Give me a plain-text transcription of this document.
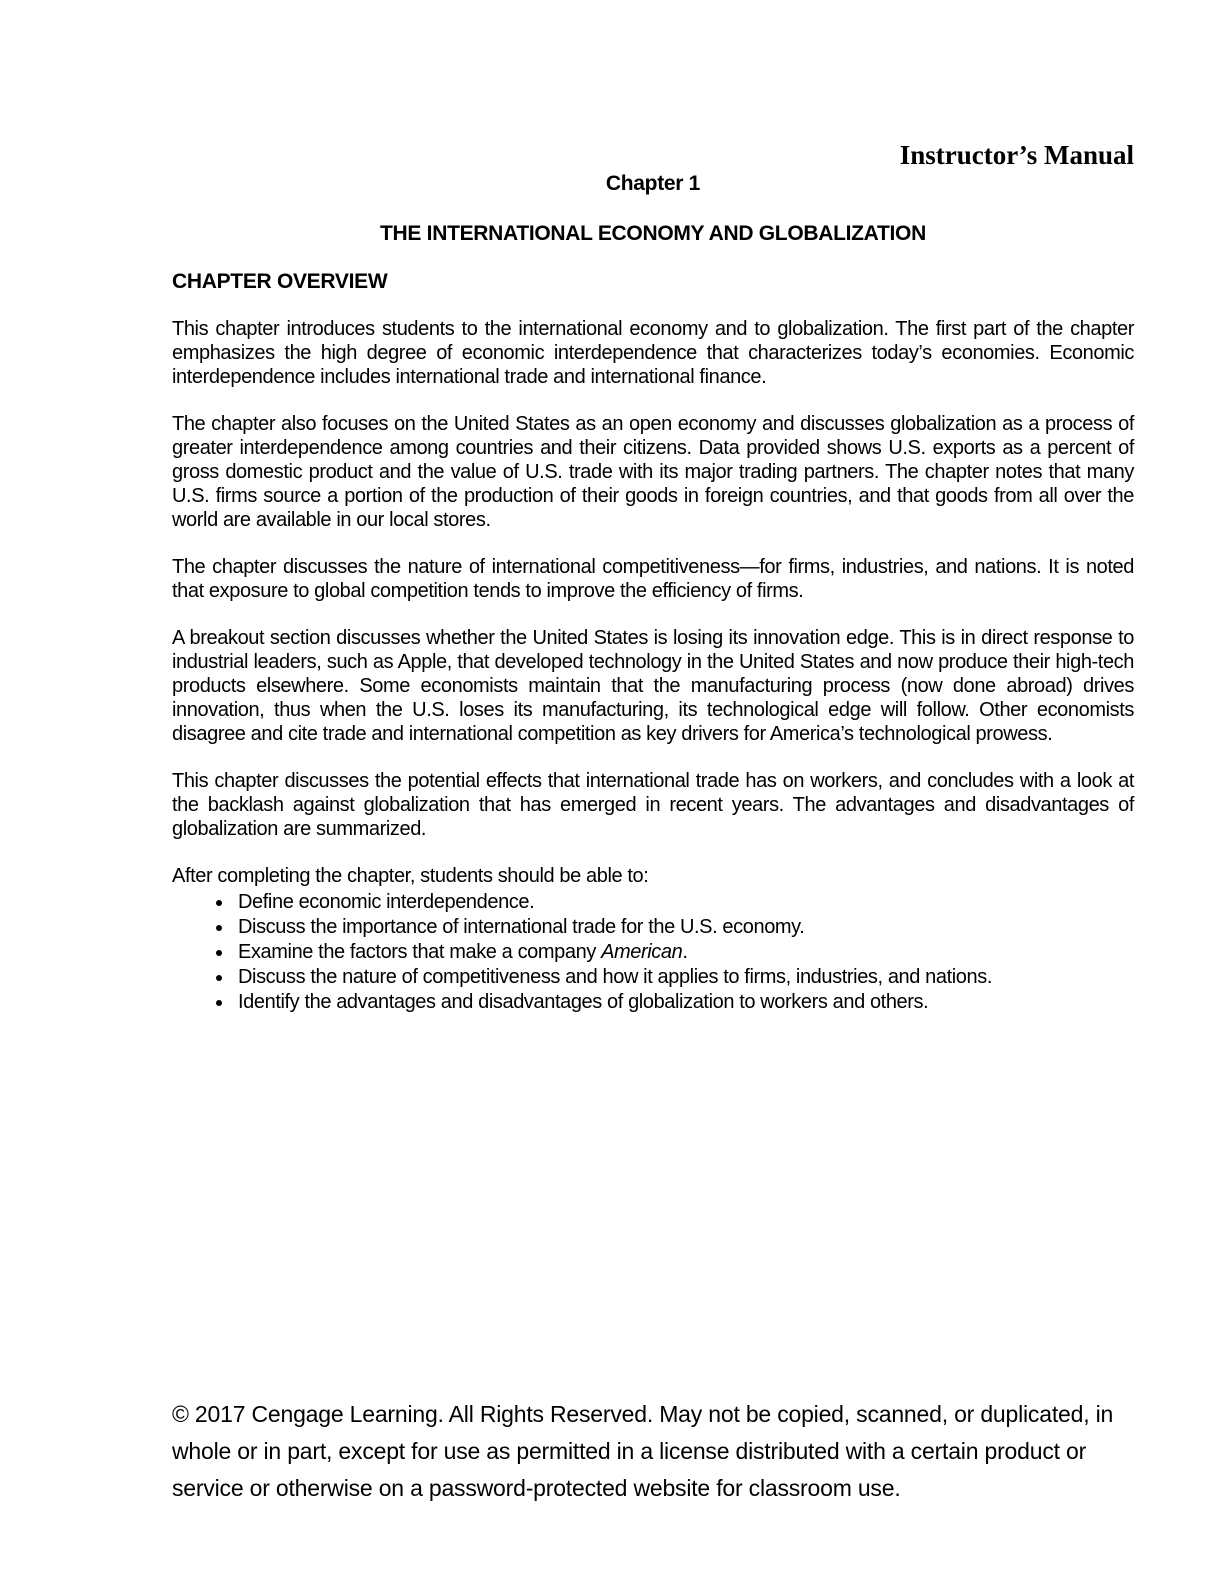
Instructor’s Manual
Chapter 1
THE INTERNATIONAL ECONOMY AND GLOBALIZATION
CHAPTER OVERVIEW

This chapter introduces students to the international economy and to globalization. The first part of the chapter emphasizes the high degree of economic interdependence that characterizes today’s economies. Economic interdependence includes international trade and international finance.

The chapter also focuses on the United States as an open economy and discusses globalization as a process of greater interdependence among countries and their citizens. Data provided shows U.S. exports as a percent of gross domestic product and the value of U.S. trade with its major trading partners. The chapter notes that many U.S. firms source a portion of the production of their goods in foreign countries, and that goods from all over the world are available in our local stores.

The chapter discusses the nature of international competitiveness—for firms, industries, and nations. It is noted that exposure to global competition tends to improve the efficiency of firms.

A breakout section discusses whether the United States is losing its innovation edge. This is in direct response to industrial leaders, such as Apple, that developed technology in the United States and now produce their high-tech products elsewhere. Some economists maintain that the manufacturing process (now done abroad) drives innovation, thus when the U.S. loses its manufacturing, its technological edge will follow. Other economists disagree and cite trade and international competition as key drivers for America’s technological prowess.

This chapter discusses the potential effects that international trade has on workers, and concludes with a look at the backlash against globalization that has emerged in recent years. The advantages and disadvantages of globalization are summarized.

After completing the chapter, students should be able to:

• Define economic interdependence.
• Discuss the importance of international trade for the U.S. economy.
• Examine the factors that make a company American.
• Discuss the nature of competitiveness and how it applies to firms, industries, and nations.
• Identify the advantages and disadvantages of globalization to workers and others.
© 2017 Cengage Learning. All Rights Reserved. May not be copied, scanned, or duplicated, in whole or in part, except for use as permitted in a license distributed with a certain product or service or otherwise on a password-protected website for classroom use.
